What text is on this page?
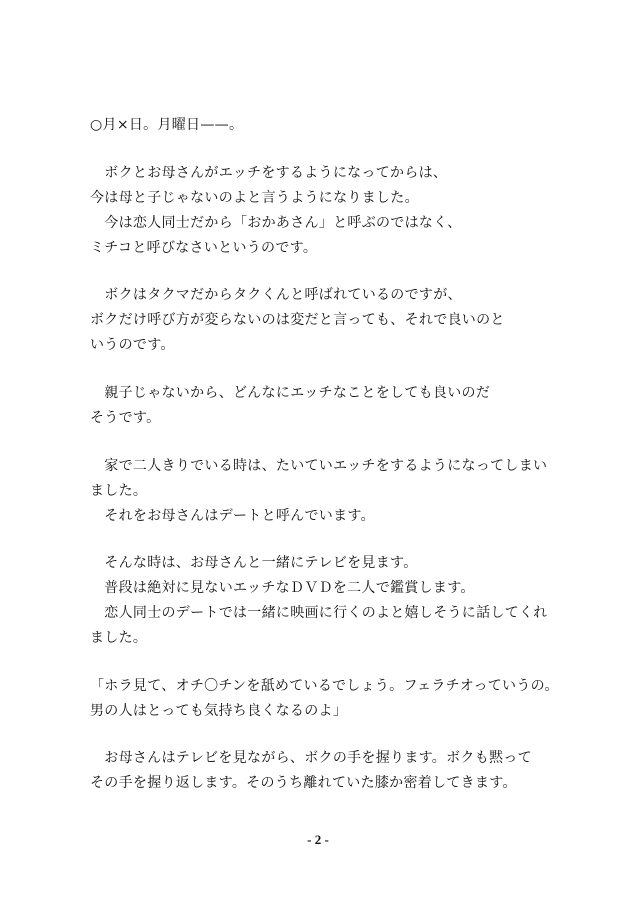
○月×日。月曜日——。
　ボクとお母さんがエッチをするようになってからは、
今は母と子じゃないのよと言うようになりました。
　今は恋人同士だから「おかあさん」と呼ぶのではなく、
ミチコと呼びなさいというのです。
　ボクはタクマだからタクくんと呼ばれているのですが、
ボクだけ呼び方が変らないのは変だと言っても、それで良いのと
いうのです。
　親子じゃないから、どんなにエッチなことをしても良いのだ
そうです。
　家で二人きりでいる時は、たいていエッチをするようになってしまい
ました。
　それをお母さんはデートと呼んでいます。
　そんな時は、お母さんと一緒にテレビを見ます。
　普段は絶対に見ないエッチなＤＶＤを二人で鑑賞します。
　恋人同士のデートでは一緒に映画に行くのよと嬉しそうに話してくれ
ました。
「ホラ見て、オチ〇チンを舐めているでしょう。フェラチオっていうの。
男の人はとっても気持ち良くなるのよ」
　お母さんはテレビを見ながら、ボクの手を握ります。ボクも黙って
その手を握り返します。そのうち離れていた膝か密着してきます。
- 2 -
